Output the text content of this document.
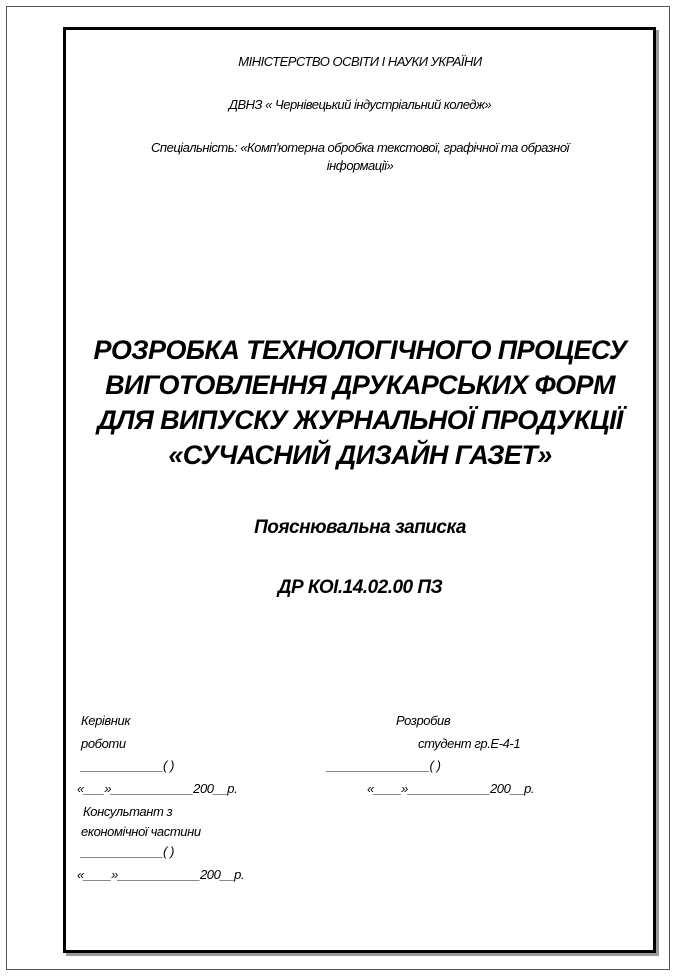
МІНІСТЕРСТВО ОСВІТИ І НАУКИ УКРАЇНИ
ДВНЗ « Чернівецький індустріальний коледж»
Спеціальність: «Комп'ютерна обробка текстової, графічної та образної
інформації»
РОЗРОБКА ТЕХНОЛОГІЧНОГО ПРОЦЕСУ
ВИГОТОВЛЕННЯ ДРУКАРСЬКИХ ФОРМ
ДЛЯ ВИПУСКУ ЖУРНАЛЬНОЇ ПРОДУКЦІЇ
«СУЧАСНИЙ ДИЗАЙН ГАЗЕТ»
Пояснювальна записка
ДР КОІ.14.02.00 ПЗ
Керівник
роботи
____________( )
«___»____________200__р.
Розробив
студент гр.Е-4-1
_______________( )
«____»____________200__р.
Консультант з
економічної частини
____________( )
«____»____________200__р.
